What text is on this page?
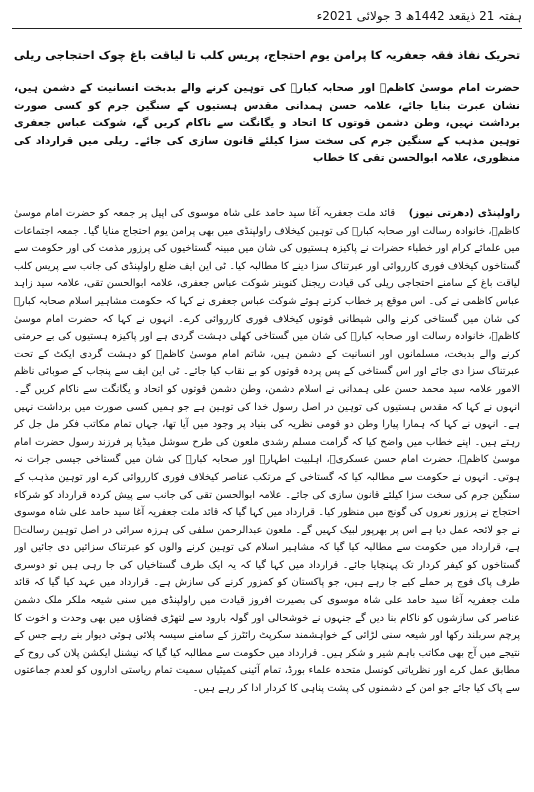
ہفتہ 21 ذیقعد 1442ھ 3 جولائی 2021ء
تحریک نفاذ فقہ جعفریہ کا پرامن یوم احتجاج، پریس کلب تا لیاقت باغ چوک احتجاجی ریلی
حضرت امام موسیٰ کاظمؑ اور صحابہ کبارؓ کی توہین کرنے والے بدبخت انسانیت کے دشمن ہیں، نشان عبرت بنایا جائے، علامہ حسن ہمدانی مقدس ہستیوں کے سنگین جرم کو کسی صورت برداشت نہیں، وطن دشمن قوتوں کا اتحاد و یگانگت سے ناکام کریں گے، شوکت عباس جعفری توہین مذہب کے سنگین جرم کی سخت سزا کیلئے قانون سازی کی جائے۔ ریلی میں قرارداد کی منظوری، علامہ ابوالحسن تقی کا خطاب

راولپنڈی (دھرتی نیوز) قائد ملت جعفریہ آغا سید حامد علی شاہ موسوی کی اپیل پر جمعہ کو حضرت امام موسیٰ کاظمؑ، خانوادہ رسالت اور صحابہ کبارؓ کی توہین کیخلاف راولپنڈی میں بھی پرامن یوم احتجاج منایا گیا۔ جمعہ اجتماعات میں علمائے کرام اور خطباء حضرات نے پاکیزہ ہستیوں کی شان میں مبینہ گستاخیوں کی پرزور مذمت کی اور حکومت سے گستاخوں کیخلاف فوری کارروائی اور عبرتناک سزا دینے کا مطالبہ کیا۔ ٹی این ایف ضلع راولپنڈی کی جانب سے پریس کلب لیاقت باغ کے سامنے احتجاجی ریلی کی قیادت ریجنل کنوینر شوکت عباس جعفری، علامہ ابوالحسن تقی، علامہ سید زاہد عباس کاظمی نے کی۔ اس موقع پر خطاب کرتے ہوئے شوکت عباس جعفری نے کہا کہ حکومت مشاہیر اسلام صحابہ کبارؓ کی شان میں گستاخی کرنے والی شیطانی قوتوں کیخلاف فوری کارروائی کرے۔ انہوں نے کہا کہ حضرت امام موسیٰ کاظمؑ، خانوادہ رسالت اور صحابہ کبارؓ کی شان میں گستاخی کھلی دہشت گردی ہے اور پاکیزہ ہستیوں کی بے حرمتی کرنے والے بدبخت، مسلمانوں اور انسانیت کے دشمن ہیں، شاتم امام موسیٰ کاظمؑ کو دہشت گردی ایکٹ کے تحت عبرتناک سزا دی جائے اور اس گستاخی کے پس پردہ قوتوں کو بے نقاب کیا جائے۔ ٹی این ایف سے پنجاب کے صوبائی ناظم الامور علامہ سید محمد حسن علی ہمدانی نے اسلام دشمن، وطن دشمن قوتوں کو اتحاد و یگانگت سے ناکام کریں گے۔ انہوں نے کہا کہ مقدس ہستیوں کی توہین در اصل رسول خدا کی توہین ہے جو ہمیں کسی صورت میں برداشت نہیں ہے۔ انہوں نے کہا کہ ہمارا پیارا وطن دو قومی نظریہ کی بنیاد پر وجود میں آیا تھا، جہاں تمام مکاتب فکر مل جل کر رہتے ہیں۔ اپنے خطاب میں واضح کیا کہ گرامت مسلم رشدی ملعون کی طرح سوشل میڈیا پر فرزند رسول حضرت امام موسیٰ کاظمؑ، حضرت امام حسن عسکریؑ، اہلبیت اطہارؑ اور صحابہ کبارؓ کی شان میں گستاخی جیسی جرات نہ ہوتی۔ انہوں نے حکومت سے مطالبہ کیا کہ گستاخی کے مرتکب عناصر کیخلاف فوری کارروائی کرے اور توہین مذہب کے سنگین جرم کی سخت سزا کیلئے قانون سازی کی جائے۔ علامہ ابوالحسن تقی کی جانب سے پیش کردہ قرارداد کو شرکاء احتجاج نے پرزور نعروں کی گونج میں منظور کیا۔ قرارداد میں کہا گیا کہ قائد ملت جعفریہ آغا سید حامد علی شاہ موسوی نے جو لائحہ عمل دیا ہے اس پر بھرپور لبیک کہیں گے۔ ملعون عبدالرحمن سلفی کی ہرزہ سرائی در اصل توہین رسالتؐ ہے، قرارداد میں حکومت سے مطالبہ کیا گیا کہ مشاہیر اسلام کی توہین کرنے والوں کو عبرتناک سزائیں دی جائیں اور گستاخوں کو کیفر کردار تک پہنچایا جائے۔ قرارداد میں کہا گیا کہ یہ ایک طرف گستاخیاں کی جا رہی ہیں تو دوسری طرف پاک فوج پر حملے کیے جا رہے ہیں، جو پاکستان کو کمزور کرنے کی سازش ہے۔ قرارداد میں عہد کیا گیا کہ قائد ملت جعفریہ آغا سید حامد علی شاہ موسوی کی بصیرت افروز قیادت میں راولپنڈی میں سنی شیعہ ملکر ملک دشمن عناصر کی سازشوں کو ناکام بنا دیں گے جنہوں نے خوشحالی اور گولہ بارود سے لتھڑی فضاؤں میں بھی وحدت و اخوت کا پرچم سربلند رکھا اور شیعہ سنی لڑائی کے خواہشمند سکرپٹ رائٹرز کے سامنے سیسہ پلائی ہوئی دیوار بنے رہے جس کے نتیجے میں آج بھی مکاتب باہم شیر و شکر ہیں۔ قرارداد میں حکومت سے مطالبہ کیا گیا کہ نیشنل ایکشن پلان کی روح کے مطابق عمل کرے اور نظریاتی کونسل متحدہ علماء بورڈ، تمام آئینی کمیٹیاں سمیت تمام ریاستی اداروں کو لعدم جماعتوں سے پاک کیا جائے جو امن کے دشمنوں کی پشت پناہی کا کردار ادا کر رہے ہیں۔
